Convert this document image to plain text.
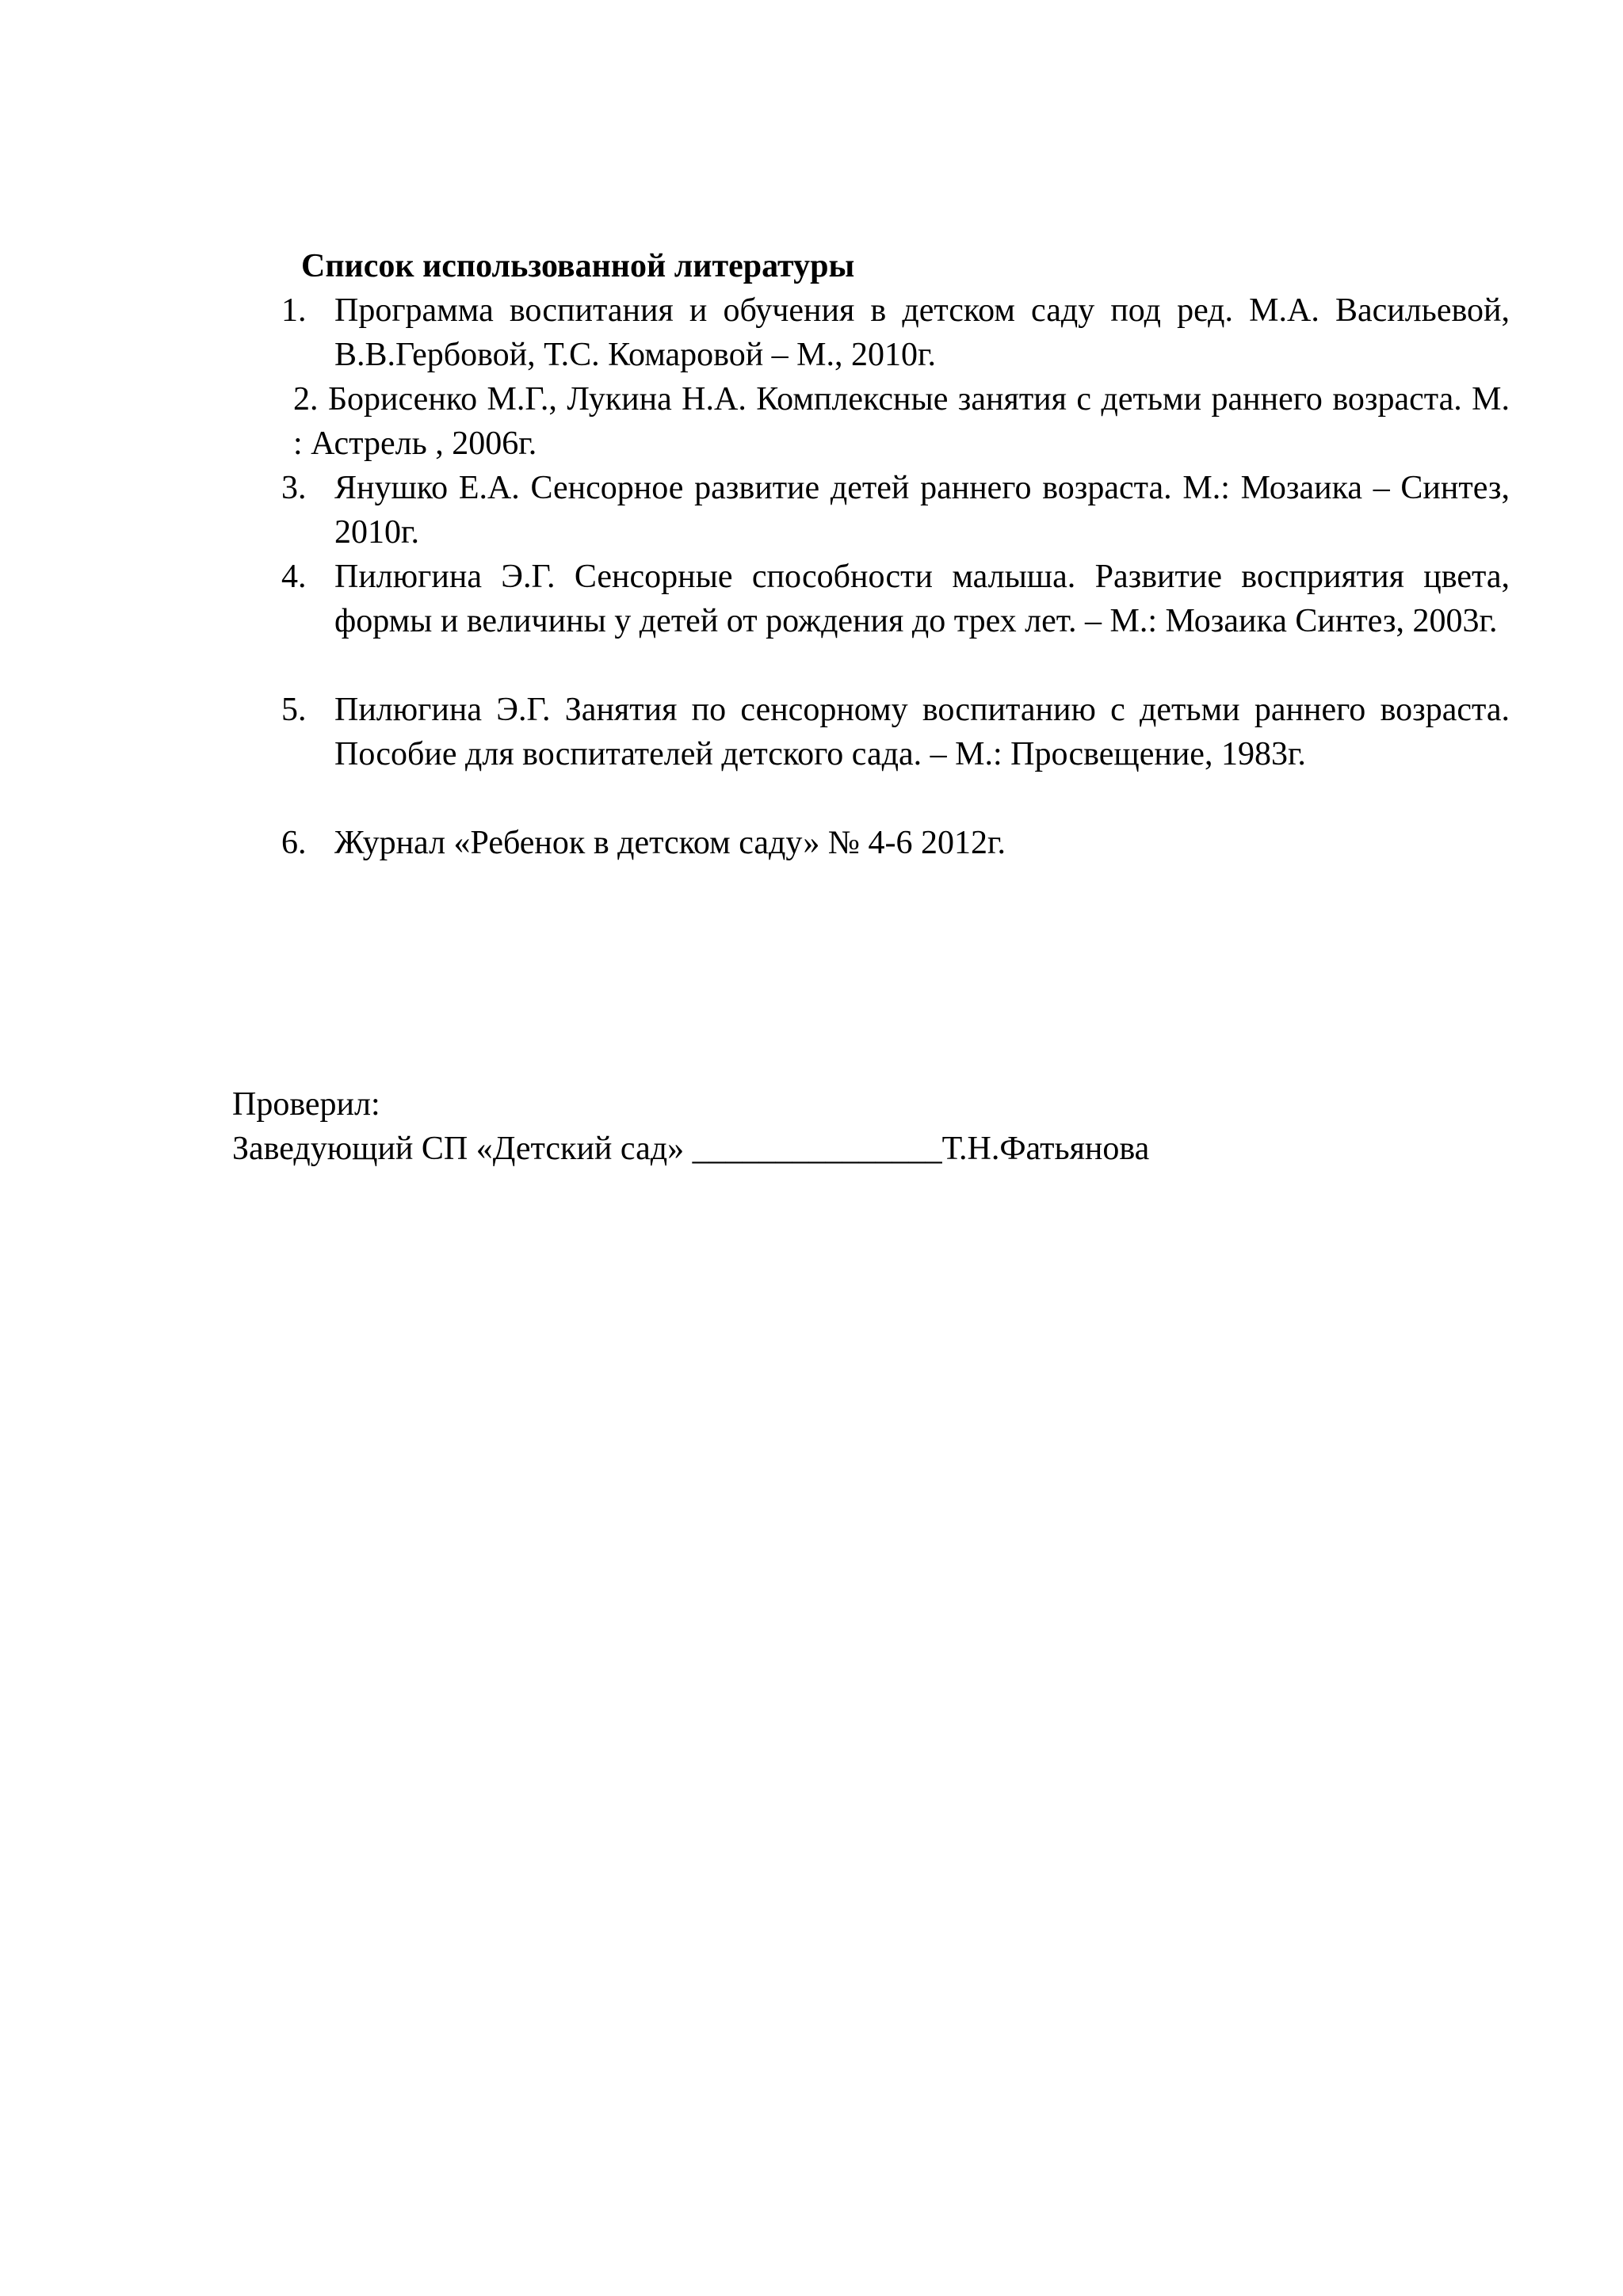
Список использованной литературы
1. Программа воспитания и обучения в детском саду под ред. М.А. Васильевой, В.В.Гербовой, Т.С. Комаровой – М., 2010г.
2. Борисенко М.Г., Лукина Н.А. Комплексные занятия с детьми раннего возраста. М. : Астрель , 2006г.
3. Янушко Е.А. Сенсорное развитие детей раннего возраста. М.: Мозаика – Синтез, 2010г.
4. Пилюгина Э.Г. Сенсорные способности малыша. Развитие восприятия цвета, формы и величины у детей от рождения до трех лет. – М.: Мозаика Синтез, 2003г.
5. Пилюгина Э.Г. Занятия по сенсорному воспитанию с детьми раннего возраста. Пособие для воспитателей детского сада. – М.: Просвещение, 1983г.
6. Журнал «Ребенок в детском саду» № 4-6 2012г.
Проверил:
Заведующий СП «Детский сад» _______________Т.Н.Фатьянова
